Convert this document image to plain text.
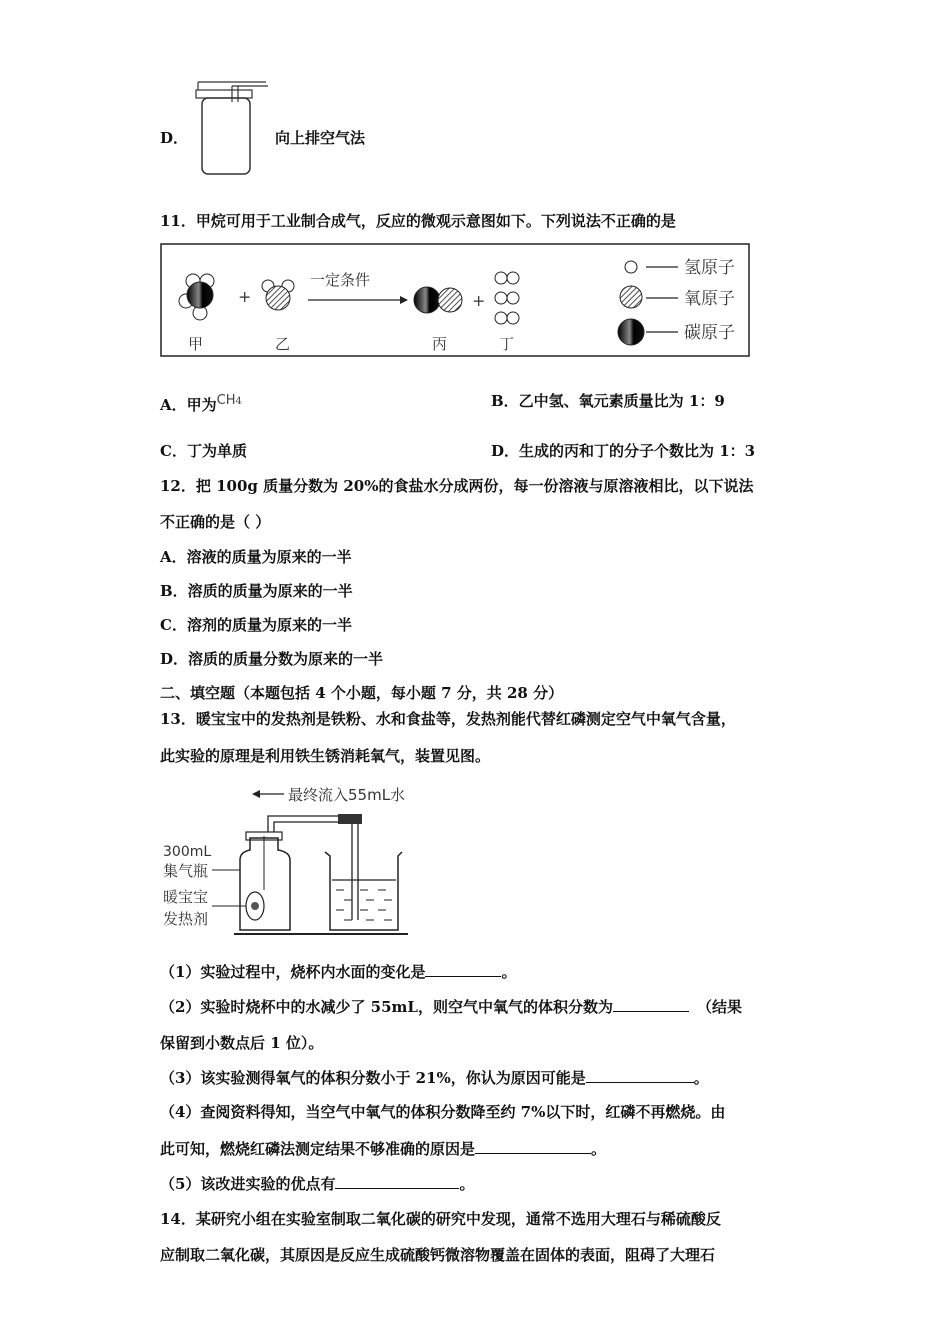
D．	向上排空气法
11．甲烷可用于工业制合成气，反应的微观示意图如下。下列说法不正确的是
+
一定条件
+
甲	乙	丙	丁
氢原子
氧原子
碳原子
A．甲为$CH^4$	B．乙中氢、氧元素质量比为 1：9
C．丁为单质	D．生成的丙和丁的分子个数比为 1：3
12．把 100g 质量分数为 20%的食盐水分成两份，每一份溶液与原溶液相比，以下说法
不正确的是（ ）
A．溶液的质量为原来的一半
B．溶质的质量为原来的一半
C．溶剂的质量为原来的一半
D．溶质的质量分数为原来的一半
二、填空题（本题包括 4 个小题，每小题 7 分，共 28 分）
13．暖宝宝中的发热剂是铁粉、水和食盐等，发热剂能代替红磷测定空气中氧气含量，
此实验的原理是利用铁生锈消耗氧气，装置见图。
最终流入55mL水
300mL
集气瓶
暖宝宝
发热剂
（1）实验过程中，烧杯内水面的变化是	。
（2）实验时烧杯中的水减少了 55mL，则空气中氧气的体积分数为	（结果
保留到小数点后 1 位）。
（3）该实验测得氧气的体积分数小于 21%，你认为原因可能是	。
（4）查阅资料得知，当空气中氧气的体积分数降至约 7%以下时，红磷不再燃烧。由
此可知，燃烧红磷法测定结果不够准确的原因是	。
（5）该改进实验的优点有	。
14．某研究小组在实验室制取二氧化碳的研究中发现，通常不选用大理石与稀硫酸反
应制取二氧化碳，其原因是反应生成硫酸钙微溶物覆盖在固体的表面，阻碍了大理石
